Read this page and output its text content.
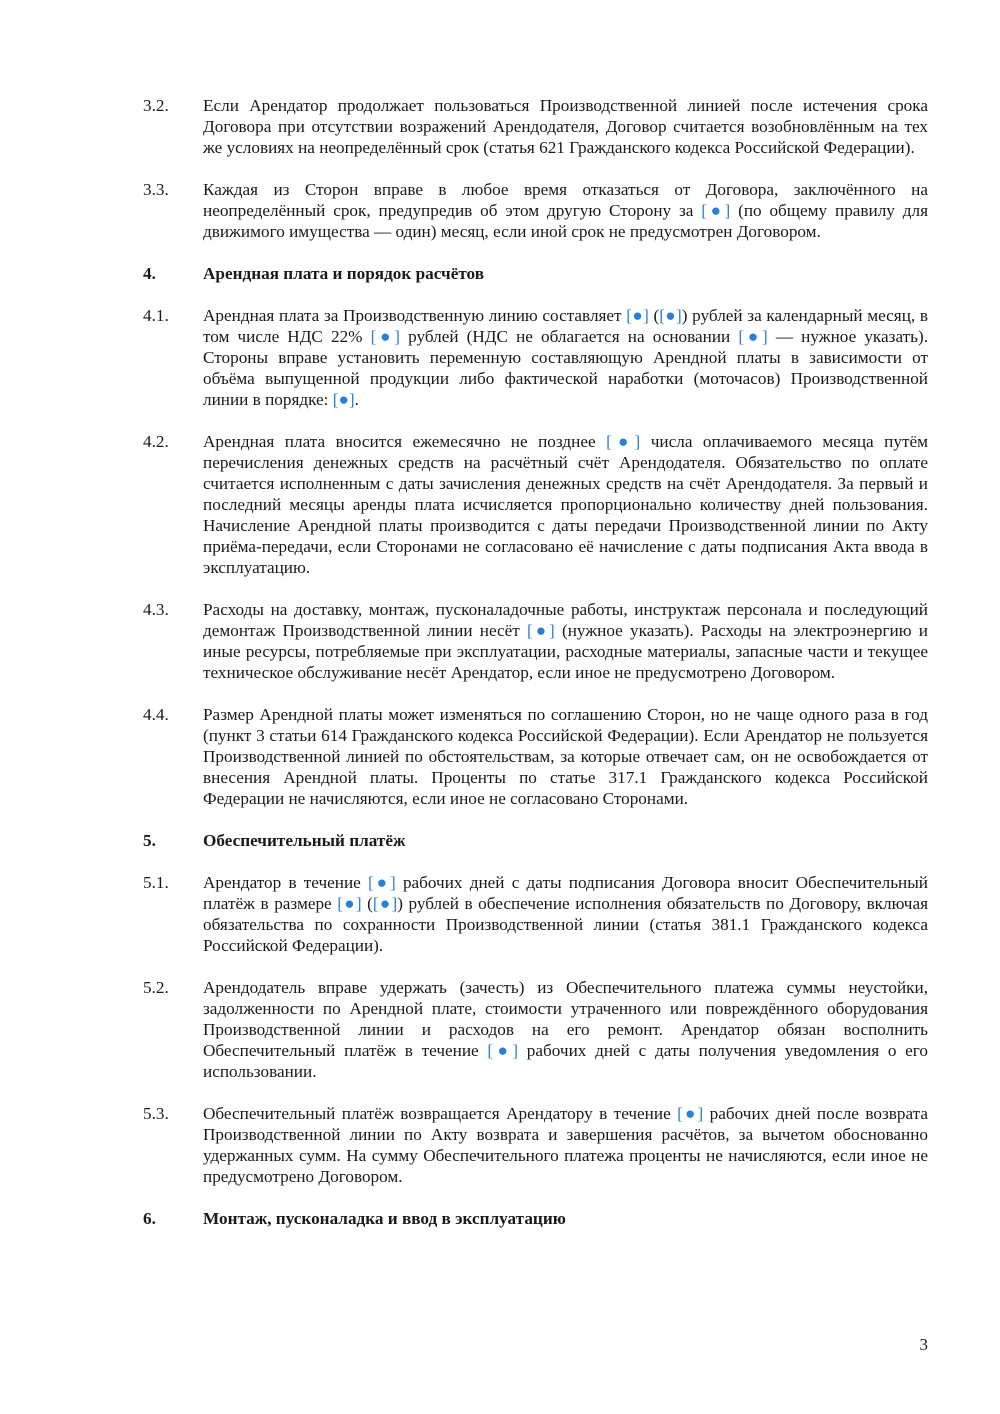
3.2.	Если Арендатор продолжает пользоваться Производственной линией после истечения срока Договора при отсутствии возражений Арендодателя, Договор считается возобновлённым на тех же условиях на неопределённый срок (статья 621 Гражданского кодекса Российской Федерации).
3.3.	Каждая из Сторон вправе в любое время отказаться от Договора, заключённого на неопределённый срок, предупредив об этом другую Сторону за [●] (по общему правилу для движимого имущества — один) месяц, если иной срок не предусмотрен Договором.
4.	Арендная плата и порядок расчётов
4.1.	Арендная плата за Производственную линию составляет [●] ([●]) рублей за календарный месяц, в том числе НДС 22% [●] рублей (НДС не облагается на основании [●] — нужное указать). Стороны вправе установить переменную составляющую Арендной платы в зависимости от объёма выпущенной продукции либо фактической наработки (моточасов) Производственной линии в порядке: [●].
4.2.	Арендная плата вносится ежемесячно не позднее [●] числа оплачиваемого месяца путём перечисления денежных средств на расчётный счёт Арендодателя. Обязательство по оплате считается исполненным с даты зачисления денежных средств на счёт Арендодателя. За первый и последний месяцы аренды плата исчисляется пропорционально количеству дней пользования. Начисление Арендной платы производится с даты передачи Производственной линии по Акту приёма-передачи, если Сторонами не согласовано её начисление с даты подписания Акта ввода в эксплуатацию.
4.3.	Расходы на доставку, монтаж, пусконаладочные работы, инструктаж персонала и последующий демонтаж Производственной линии несёт [●] (нужное указать). Расходы на электроэнергию и иные ресурсы, потребляемые при эксплуатации, расходные материалы, запасные части и текущее техническое обслуживание несёт Арендатор, если иное не предусмотрено Договором.
4.4.	Размер Арендной платы может изменяться по соглашению Сторон, но не чаще одного раза в год (пункт 3 статьи 614 Гражданского кодекса Российской Федерации). Если Арендатор не пользуется Производственной линией по обстоятельствам, за которые отвечает сам, он не освобождается от внесения Арендной платы. Проценты по статье 317.1 Гражданского кодекса Российской Федерации не начисляются, если иное не согласовано Сторонами.
5.	Обеспечительный платёж
5.1.	Арендатор в течение [●] рабочих дней с даты подписания Договора вносит Обеспечительный платёж в размере [●] ([●]) рублей в обеспечение исполнения обязательств по Договору, включая обязательства по сохранности Производственной линии (статья 381.1 Гражданского кодекса Российской Федерации).
5.2.	Арендодатель вправе удержать (зачесть) из Обеспечительного платежа суммы неустойки, задолженности по Арендной плате, стоимости утраченного или повреждённого оборудования Производственной линии и расходов на его ремонт. Арендатор обязан восполнить Обеспечительный платёж в течение [●] рабочих дней с даты получения уведомления о его использовании.
5.3.	Обеспечительный платёж возвращается Арендатору в течение [●] рабочих дней после возврата Производственной линии по Акту возврата и завершения расчётов, за вычетом обоснованно удержанных сумм. На сумму Обеспечительного платежа проценты не начисляются, если иное не предусмотрено Договором.
6.	Монтаж, пусконаладка и ввод в эксплуатацию
3
